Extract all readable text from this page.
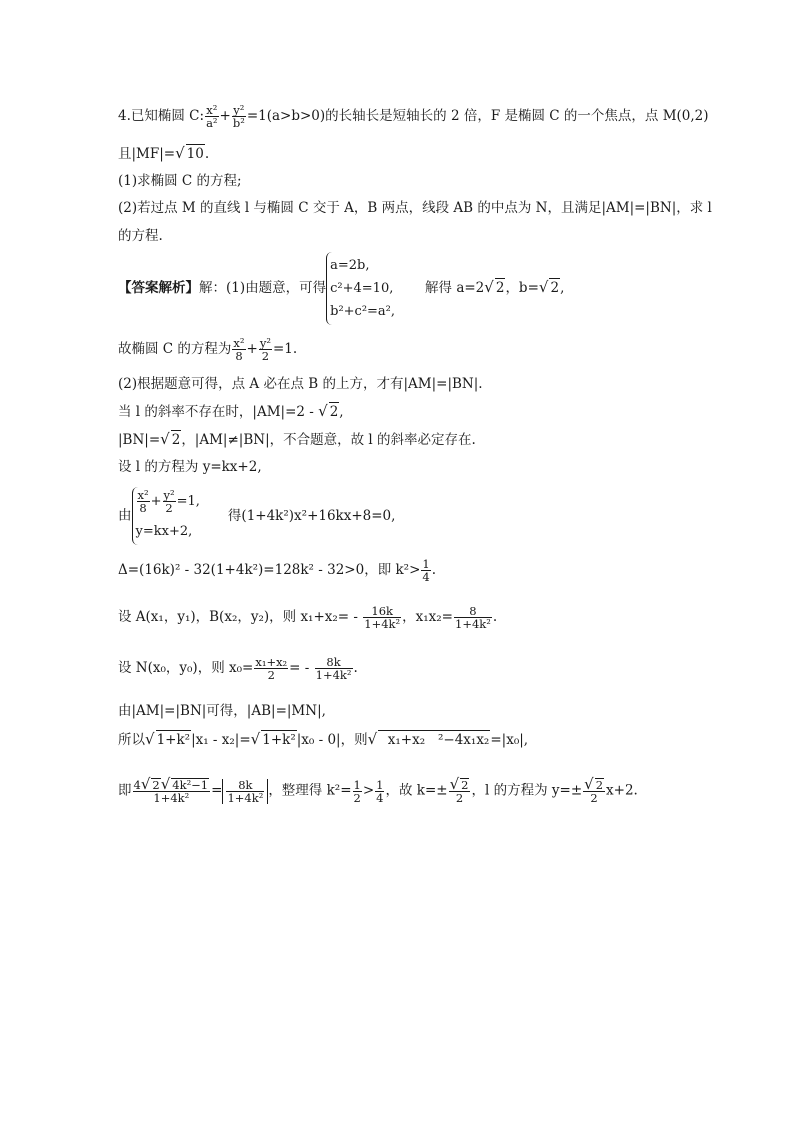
4.已知椭圆 C: $\frac{\text{x²}}{\text{a²}} + \frac{\text{y²}}{\text{b²}} =1(a>b>0)$的长轴长是短轴长的 2 倍，F 是椭圆 C 的一个焦点，点 M(0,2)
且|MF|=√ 10.
(1)求椭圆 C 的方程;
(2)若过点 M 的直线 l 与椭圆 C 交于 A，B 两点，线段 AB 的中点为 N，且满足|AM|=|BN|，求 l
的方程.
【答案解析】解：(1)由题意，可得
a=2b,
c²+4=10,
b²+c²=a²,
解得 a=2√ 2，b=√ 2,
故椭圆 C 的方程为 $\frac{\text{x²}}{8} + \frac{\text{y²}}{2} =1$.
(2)根据题意可得，点 A 必在点 B 的上方，才有|AM|=|BN|.
当 l 的斜率不存在时，|AM|=2 - √ 2,
|BN|=√ 2，|AM|≠|BN|，不合题意，故 l 的斜率必定存在.
设 l 的方程为 y=kx+2,
由
$\frac{\text{x²}}{8} + \frac{\text{y²}}{2} =1$,
y=kx+2,
得(1+4k²)x²+16kx+8=0,
Δ=(16k)² - 32(1+4k²)=128k² - 32>0，即 $k^2> \frac{1}{4}$ .
设 A(x₁，y₁)，B(x₂，y₂)，则 $x_1+x_2= - \frac{16k}{\text{1+4k²}}$ ，$x_1x_2= \frac{8}{\text{1+4k²}}$ .
设 N(x₀，y₀)，则 $x_0= \frac{\text{x₁+x₂}}{2}$ = - $\frac{8k}{\text{1+4k²}}$ .
由|AM|=|BN|可得，|AB|=|MN|,
所以√ 1+k²|x₁ - x₂|=√ 1+k²|x₀ - 0|，则√  x₁+x₂   ²−4x₁x₂=|x₀|,
即 $\frac{\text{4√ 2√ 4k²−1}}{\text{1+4k²}} = \frac{8k}{\text{1+4k²}}$ ，整理得 $k^2= \frac{1}{2} > \frac{1}{4}$ ，故 $k=\pm \frac{√ 2}{2}$ ，l 的方程为 $y=\pm \frac{√ 2}{2} x+2$.
